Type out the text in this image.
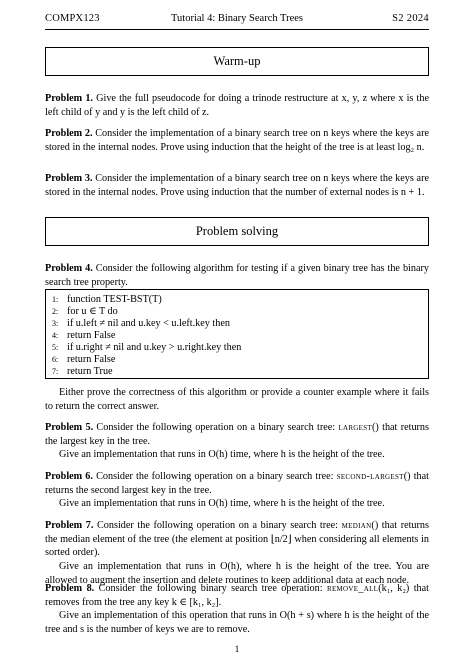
COMPX123	Tutorial 4: Binary Search Trees	S2 2024
Warm-up

Problem 1. Give the full pseudocode for doing a trinode restructure at x, y, z where x is the left child of y and y is the left child of z.

Problem 2. Consider the implementation of a binary search tree on n keys where the keys are stored in the internal nodes. Prove using induction that the height of the tree is at least log₂ n.

Problem 3. Consider the implementation of a binary search tree on n keys where the keys are stored in the internal nodes. Prove using induction that the number of external nodes is n + 1.

Problem solving

Problem 4. Consider the following algorithm for testing if a given binary tree has the binary search tree property.

1: function TEST-BST(T)
2: for u ∈ T do
3: if u.left ≠ nil and u.key < u.left.key then
4: return False
5: if u.right ≠ nil and u.key > u.right.key then
6: return False
7: return True

Either prove the correctness of this algorithm or provide a counter example where it fails to return the correct answer.

Problem 5. Consider the following operation on a binary search tree: largest() that returns the largest key in the tree.

Give an implementation that runs in O(h) time, where h is the height of the tree.

Problem 6. Consider the following operation on a binary search tree: second-largest() that returns the second largest key in the tree.

Give an implementation that runs in O(h) time, where h is the height of the tree.

Problem 7. Consider the following operation on a binary search tree: median() that returns the median element of the tree (the element at position ⌊n/2⌋ when considering all elements in sorted order).

Give an implementation that runs in O(h), where h is the height of the tree. You are allowed to augment the insertion and delete routines to keep additional data at each node.

Problem 8. Consider the following binary search tree operation: remove_all(k₁, k₂) that removes from the tree any key k ∈ [k₁, k₂].

Give an implementation of this operation that runs in O(h + s) where h is the height of the tree and s is the number of keys we are to remove.

1
